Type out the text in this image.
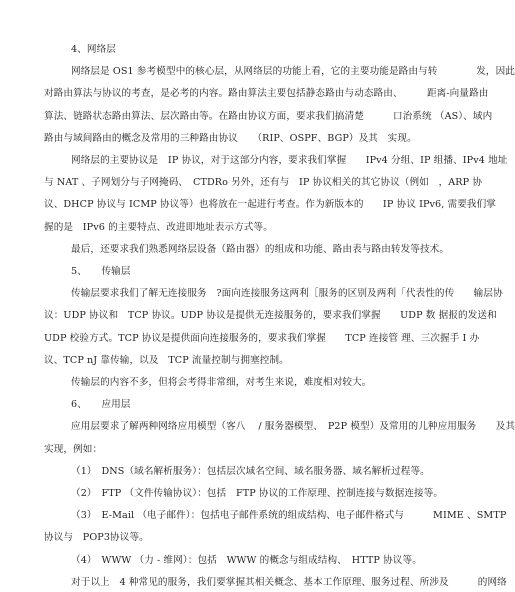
4、网络层
网络层是 OS1 参考模型中的核心层，从网络层的功能上看，它的主要功能是路由与转　　　　发，因此
对路由算法与协议的考查，是必考的内容。路由算法主要包括静态路由与动态路由、　　　距离-向量路由
算法、链路状态路由算法、层次路由等。在路由协议方面，要求我们搞清楚　　　口治系统 （AS）、域内
路由与域间路由的概念及常用的三种路由协议　　（RIP、OSPF、BGP）及其　实现。
网络层的主要协议是　IP 协议，对于这部分内容，要求我们掌握　　IPv4 分组、IP 组播、IPv4 地址
与 NAT 、子网划分与子网掩码、　CTDRo 另外，还有与　IP 协议相关的其它协议（例如　，ARP 协
议、DHCP 协议与 ICMP 协议等）也将放在一起进行考查。作为新版本的　　IP 协议 IPv6, 需要我们掌
握的是　IPv6 的主要特点、改进即地址表示方式等。
最后，还要求我们熟悉网络层设备（路由器）的组成和功能、路由表与路由转发等技术。
5、　　传输层
传输层要求我们了解无连接服务　?面向连接服务这两利［服务的区别及两利「代表性的传　　输层协
议：UDP 协议和　TCP 协议。UDP 协议是提供无连接服务的，要求我们掌握　　UDP 数 据报的发送和
UDP 校验方式。TCP 协议是提供面向连接服务的，要求我们掌握　　TCP 连接管 理、三次握手 I 办
议、TCP nJ 靠传输，以及　TCP 流量控制与拥塞控制。
传输层的内容不多，但将会考得非常细，对考生来说，难度相对较大。
6、　　应用层
应用层要求了解两种网络应用模型（客八　 / 服务器模型、　P2P 模型）及常用的儿种应用服务　　及其
实现，例如：
（1）　DNS（域名解析服务）：包括层次域名空间、域名服务器、域名解析过程等。
（2）　FTP （文件传输协议）：包括　FTP 协议的工作原理、控制连接与数据连接等。
（3）　E-Mail （电子邮件）：包括电子邮件系统的组成结构、电子邮件格式与　　　MIME 、SMTP
协议与　POP3协议等。
（4）　WWW （力 - 维网）：包括　WWW 的概念与组成结构、　HTTP 协议等。
对于以上　4 种常见的服务，我们要掌握其相关概念、基本工作原理、服务过程、所涉及　　　的网络
